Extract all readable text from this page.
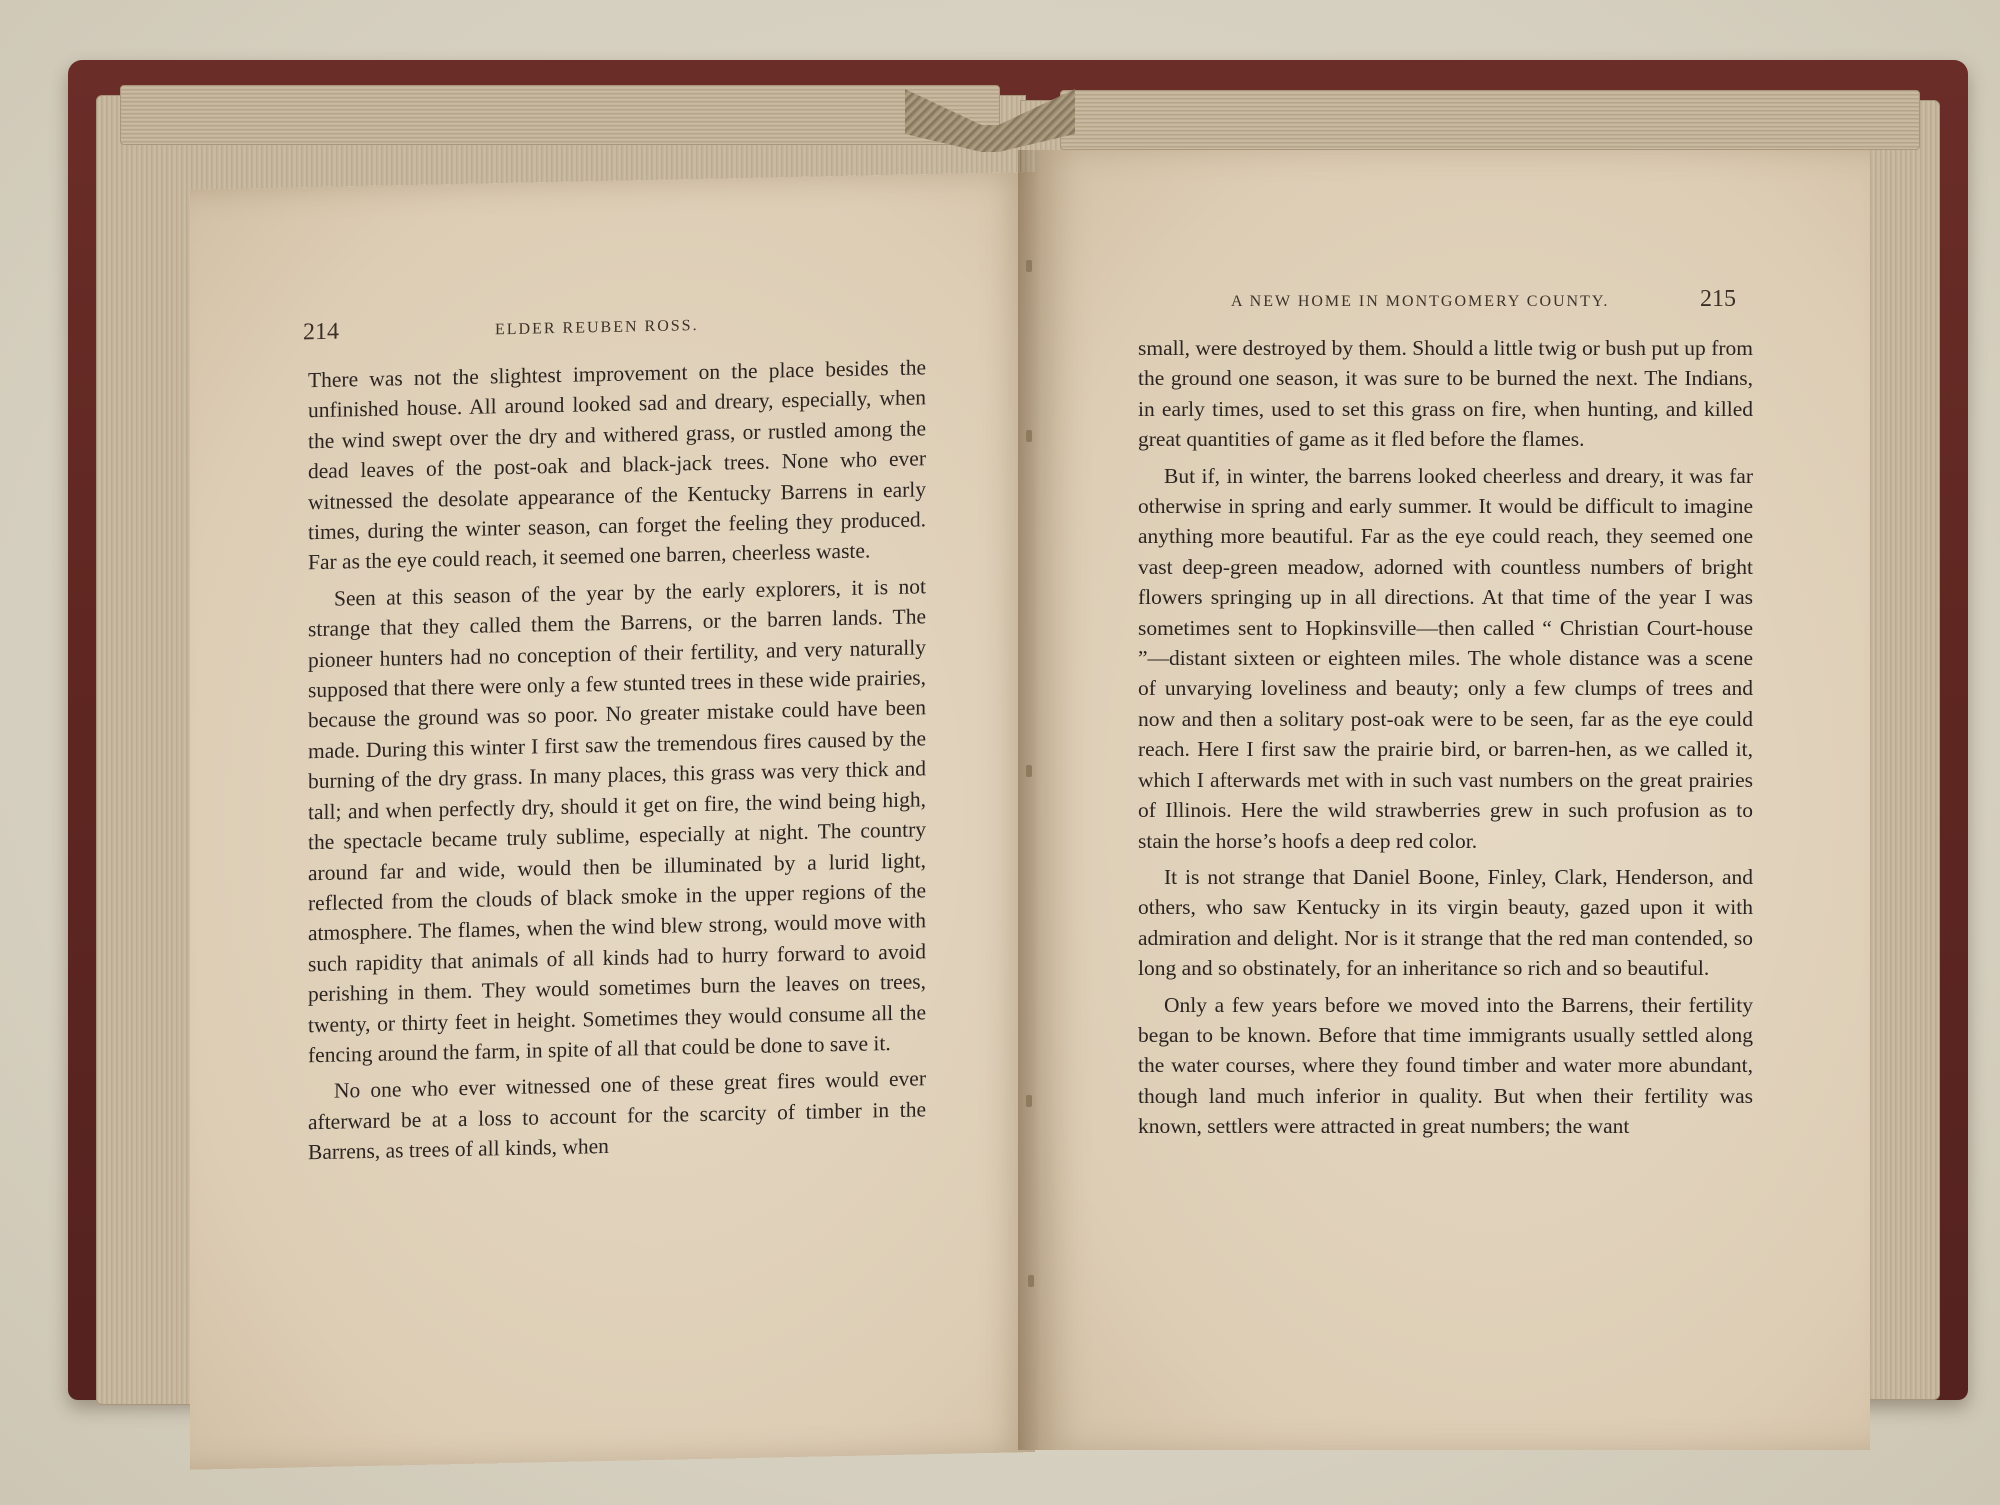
214	ELDER REUBEN ROSS.

There was not the slightest improvement on the place besides the unfinished house. All around looked sad and dreary, especially, when the wind swept over the dry and withered grass, or rustled among the dead leaves of the post-oak and black-jack trees. None who ever witnessed the desolate appearance of the Kentucky Barrens in early times, during the winter season, can forget the feeling they produced. Far as the eye could reach, it seemed one barren, cheerless waste.

Seen at this season of the year by the early explorers, it is not strange that they called them the Barrens, or the barren lands. The pioneer hunters had no conception of their fertility, and very naturally supposed that there were only a few stunted trees in these wide prairies, because the ground was so poor. No greater mistake could have been made. During this winter I first saw the tremendous fires caused by the burning of the dry grass. In many places, this grass was very thick and tall; and when perfectly dry, should it get on fire, the wind being high, the spectacle became truly sublime, especially at night. The country around far and wide, would then be illuminated by a lurid light, reflected from the clouds of black smoke in the upper regions of the atmosphere. The flames, when the wind blew strong, would move with such rapidity that animals of all kinds had to hurry forward to avoid perishing in them. They would sometimes burn the leaves on trees, twenty, or thirty feet in height. Sometimes they would consume all the fencing around the farm, in spite of all that could be done to save it.

No one who ever witnessed one of these great fires would ever afterward be at a loss to account for the scarcity of timber in the Barrens, as trees of all kinds, when

A NEW HOME IN MONTGOMERY COUNTY.	215

small, were destroyed by them. Should a little twig or bush put up from the ground one season, it was sure to be burned the next. The Indians, in early times, used to set this grass on fire, when hunting, and killed great quantities of game as it fled before the flames.

But if, in winter, the barrens looked cheerless and dreary, it was far otherwise in spring and early summer. It would be difficult to imagine anything more beautiful. Far as the eye could reach, they seemed one vast deep-green meadow, adorned with countless numbers of bright flowers springing up in all directions. At that time of the year I was sometimes sent to Hopkinsville—then called “ Christian Court-house ”—distant sixteen or eighteen miles. The whole distance was a scene of unvarying loveliness and beauty; only a few clumps of trees and now and then a solitary post-oak were to be seen, far as the eye could reach. Here I first saw the prairie bird, or barren-hen, as we called it, which I afterwards met with in such vast numbers on the great prairies of Illinois. Here the wild strawberries grew in such profusion as to stain the horse’s hoofs a deep red color.

It is not strange that Daniel Boone, Finley, Clark, Henderson, and others, who saw Kentucky in its virgin beauty, gazed upon it with admiration and delight. Nor is it strange that the red man contended, so long and so obstinately, for an inheritance so rich and so beautiful.

Only a few years before we moved into the Barrens, their fertility began to be known. Before that time immigrants usually settled along the water courses, where they found timber and water more abundant, though land much inferior in quality. But when their fertility was known, settlers were attracted in great numbers; the want
